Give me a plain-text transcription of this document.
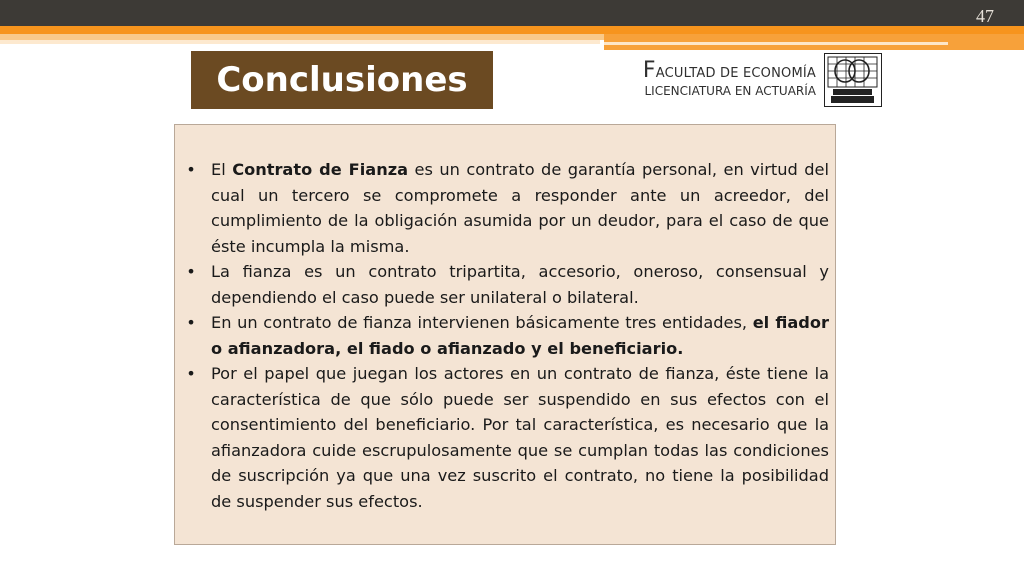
47
Conclusiones	FACULTAD DE ECONOMÍA
LICENCIATURA EN ACTUARÍA
• El Contrato de Fianza es un contrato de garantía personal, en virtud del cual un tercero se compromete a responder ante un acreedor, del cumplimiento de la obligación asumida por un deudor, para el caso de que éste incumpla la misma.
• La fianza es un contrato tripartita, accesorio, oneroso, consensual y dependiendo el caso puede ser unilateral o bilateral.
• En un contrato de fianza intervienen básicamente tres entidades, el fiador o afianzadora, el fiado o afianzado y el beneficiario.
• Por el papel que juegan los actores en un contrato de fianza, éste tiene la característica de que sólo puede ser suspendido en sus efectos con el consentimiento del beneficiario. Por tal característica, es necesario que la afianzadora cuide escrupulosamente que se cumplan todas las condiciones de suscripción ya que una vez suscrito el contrato, no tiene la posibilidad de suspender sus efectos.
